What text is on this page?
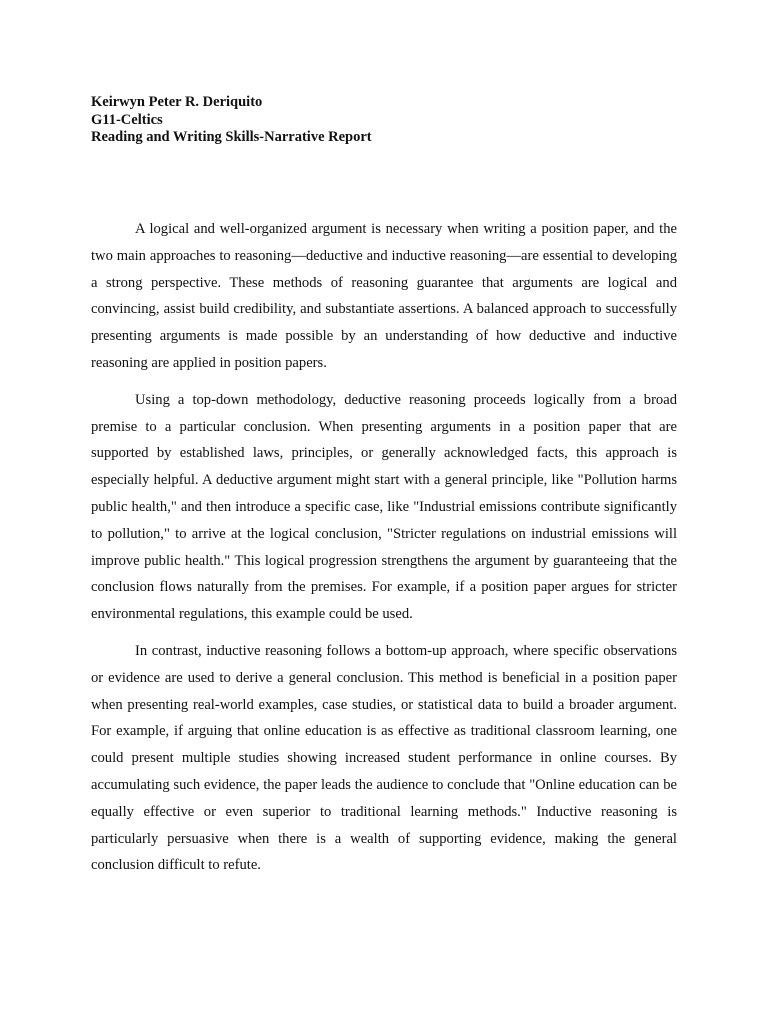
Keirwyn Peter R. Deriquito
G11-Celtics
Reading and Writing Skills-Narrative Report

A logical and well-organized argument is necessary when writing a position paper, and the two main approaches to reasoning—deductive and inductive reasoning—are essential to developing a strong perspective. These methods of reasoning guarantee that arguments are logical and convincing, assist build credibility, and substantiate assertions. A balanced approach to successfully presenting arguments is made possible by an understanding of how deductive and inductive reasoning are applied in position papers.

Using a top-down methodology, deductive reasoning proceeds logically from a broad premise to a particular conclusion. When presenting arguments in a position paper that are supported by established laws, principles, or generally acknowledged facts, this approach is especially helpful. A deductive argument might start with a general principle, like "Pollution harms public health," and then introduce a specific case, like "Industrial emissions contribute significantly to pollution," to arrive at the logical conclusion, "Stricter regulations on industrial emissions will improve public health." This logical progression strengthens the argument by guaranteeing that the conclusion flows naturally from the premises. For example, if a position paper argues for stricter environmental regulations, this example could be used.

In contrast, inductive reasoning follows a bottom-up approach, where specific observations or evidence are used to derive a general conclusion. This method is beneficial in a position paper when presenting real-world examples, case studies, or statistical data to build a broader argument. For example, if arguing that online education is as effective as traditional classroom learning, one could present multiple studies showing increased student performance in online courses. By accumulating such evidence, the paper leads the audience to conclude that "Online education can be equally effective or even superior to traditional learning methods." Inductive reasoning is particularly persuasive when there is a wealth of supporting evidence, making the general conclusion difficult to refute.
